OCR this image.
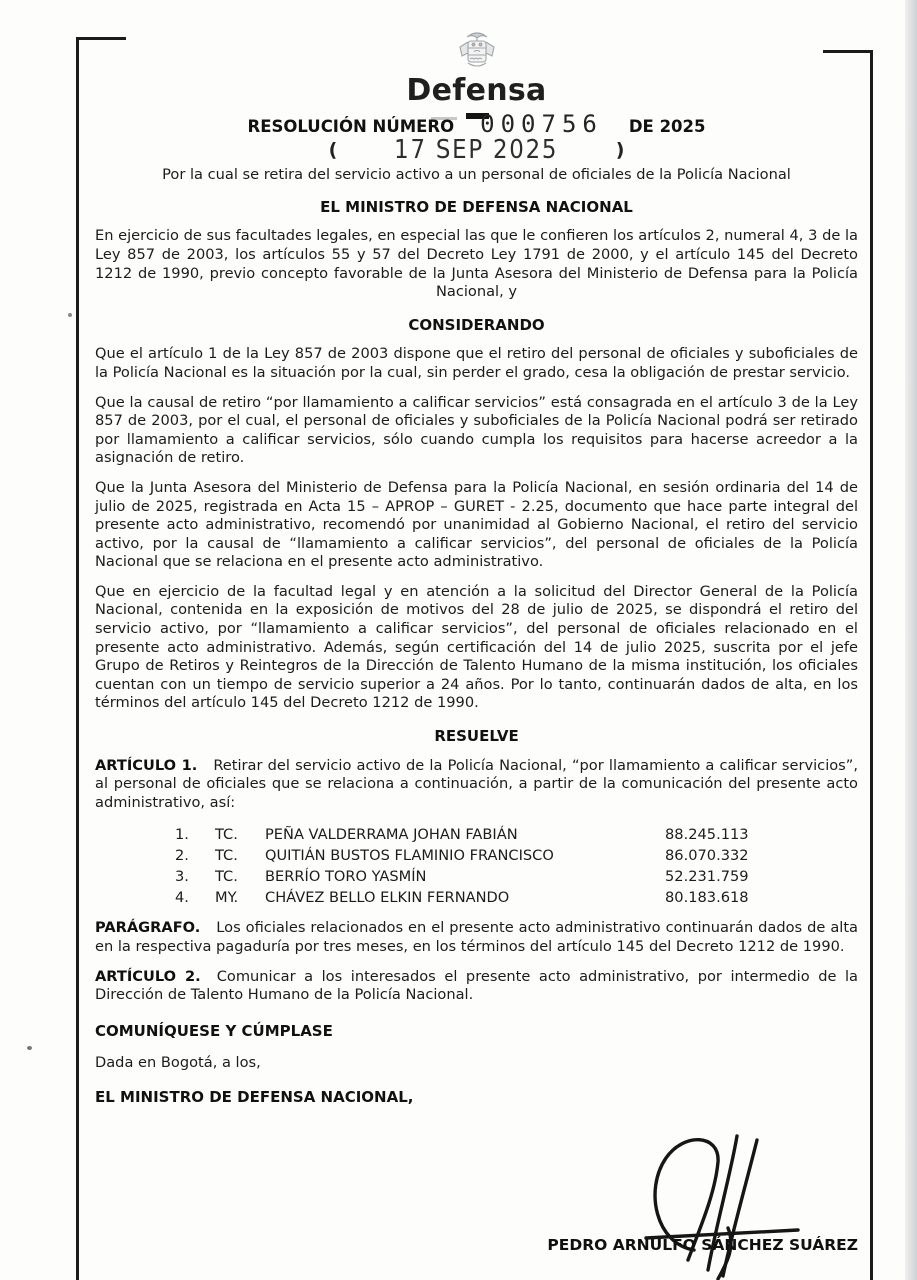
Defensa
RESOLUCIÓN NÚMERO 000756 DE 2025
( 17 SEP 2025	)
Por la cual se retira del servicio activo a un personal de oficiales de la Policía Nacional
EL MINISTRO DE DEFENSA NACIONAL

En ejercicio de sus facultades legales, en especial las que le confieren los artículos 2, numeral 4, 3 de la Ley 857 de 2003, los artículos 55 y 57 del Decreto Ley 1791 de 2000, y el artículo 145 del Decreto 1212 de 1990, previo concepto favorable de la Junta Asesora del Ministerio de Defensa para la Policía Nacional, y

CONSIDERANDO

Que el artículo 1 de la Ley 857 de 2003 dispone que el retiro del personal de oficiales y suboficiales de la Policía Nacional es la situación por la cual, sin perder el grado, cesa la obligación de prestar servicio.

Que la causal de retiro “por llamamiento a calificar servicios” está consagrada en el artículo 3 de la Ley 857 de 2003, por el cual, el personal de oficiales y suboficiales de la Policía Nacional podrá ser retirado por llamamiento a calificar servicios, sólo cuando cumpla los requisitos para hacerse acreedor a la asignación de retiro.

Que la Junta Asesora del Ministerio de Defensa para la Policía Nacional, en sesión ordinaria del 14 de julio de 2025, registrada en Acta 15 – APROP – GURET - 2.25, documento que hace parte integral del presente acto administrativo, recomendó por unanimidad al Gobierno Nacional, el retiro del servicio activo, por la causal de “llamamiento a calificar servicios”, del personal de oficiales de la Policía Nacional que se relaciona en el presente acto administrativo.

Que en ejercicio de la facultad legal y en atención a la solicitud del Director General de la Policía Nacional, contenida en la exposición de motivos del 28 de julio de 2025, se dispondrá el retiro del servicio activo, por “llamamiento a calificar servicios”, del personal de oficiales relacionado en el presente acto administrativo. Además, según certificación del 14 de julio 2025, suscrita por el jefe Grupo de Retiros y Reintegros de la Dirección de Talento Humano de la misma institución, los oficiales cuentan con un tiempo de servicio superior a 24 años. Por lo tanto, continuarán dados de alta, en los términos del artículo 145 del Decreto 1212 de 1990.

RESUELVE

ARTÍCULO 1. Retirar del servicio activo de la Policía Nacional, “por llamamiento a calificar servicios”, al personal de oficiales que se relaciona a continuación, a partir de la comunicación del presente acto administrativo, así:

1.	TC.	PEÑA VALDERRAMA JOHAN FABIÁN	88.245.113
2.	TC.	QUITIÁN BUSTOS FLAMINIO FRANCISCO	86.070.332
3.	TC.	BERRÍO TORO YASMÍN	52.231.759
4.	MY.	CHÁVEZ BELLO ELKIN FERNANDO	80.183.618

PARÁGRAFO. Los oficiales relacionados en el presente acto administrativo continuarán dados de alta en la respectiva pagaduría por tres meses, en los términos del artículo 145 del Decreto 1212 de 1990.

ARTÍCULO 2. Comunicar a los interesados el presente acto administrativo, por intermedio de la Dirección de Talento Humano de la Policía Nacional.

COMUNÍQUESE Y CÚMPLASE
Dada en Bogotá, a los,
EL MINISTRO DE DEFENSA NACIONAL,
PEDRO ARNULFO SÁNCHEZ SUÁREZ
